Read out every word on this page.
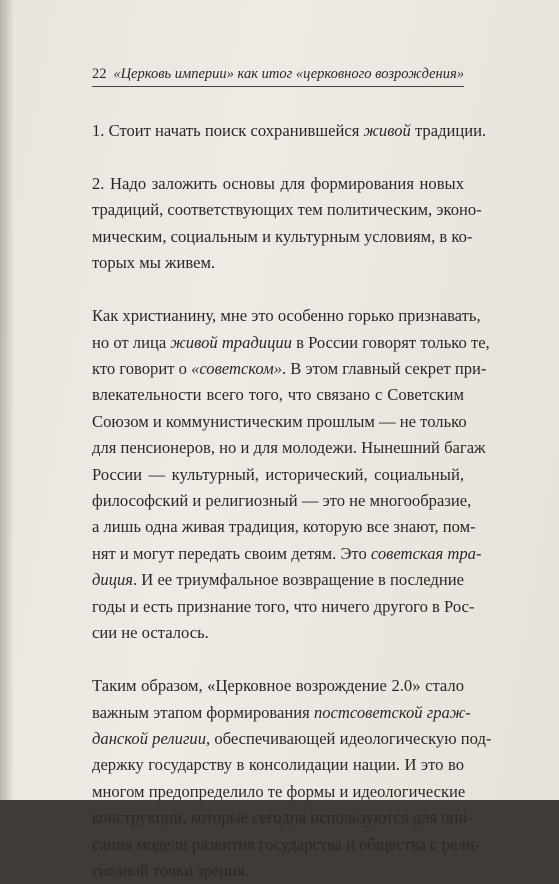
22 «Церковь империи» как итог «церковного возрождения»
1. Стоит начать поиск сохранившейся живой традиции.
2. Надо заложить основы для формирования новых
традиций, соответствующих тем политическим, эконо-
мическим, социальным и культурным условиям, в ко-
торых мы живем.
Как христианину, мне это особенно горько признавать,
но от лица живой традиции в России говорят только те,
кто говорит о «советском». В этом главный секрет при-
влекательности всего того, что связано с Советским
Союзом и коммунистическим прошлым — не только
для пенсионеров, но и для молодежи. Нынешний багаж
России — культурный, исторический, социальный,
философский и религиозный — это не многообразие,
а лишь одна живая традиция, которую все знают, пом-
нят и могут передать своим детям. Это советская тра-
диция. И ее триумфальное возвращение в последние
годы и есть признание того, что ничего другого в Рос-
сии не осталось.
Таким образом, «Церковное возрождение 2.0» стало
важным этапом формирования постсоветской граж-
данской религии, обеспечивающей идеологическую под-
держку государству в консолидации нации. И это во
многом предопределило те формы и идеологические
конструкции, которые сегодня используются для опи-
сания модели развития государства и общества с рели-
гиозной точки зрения.
